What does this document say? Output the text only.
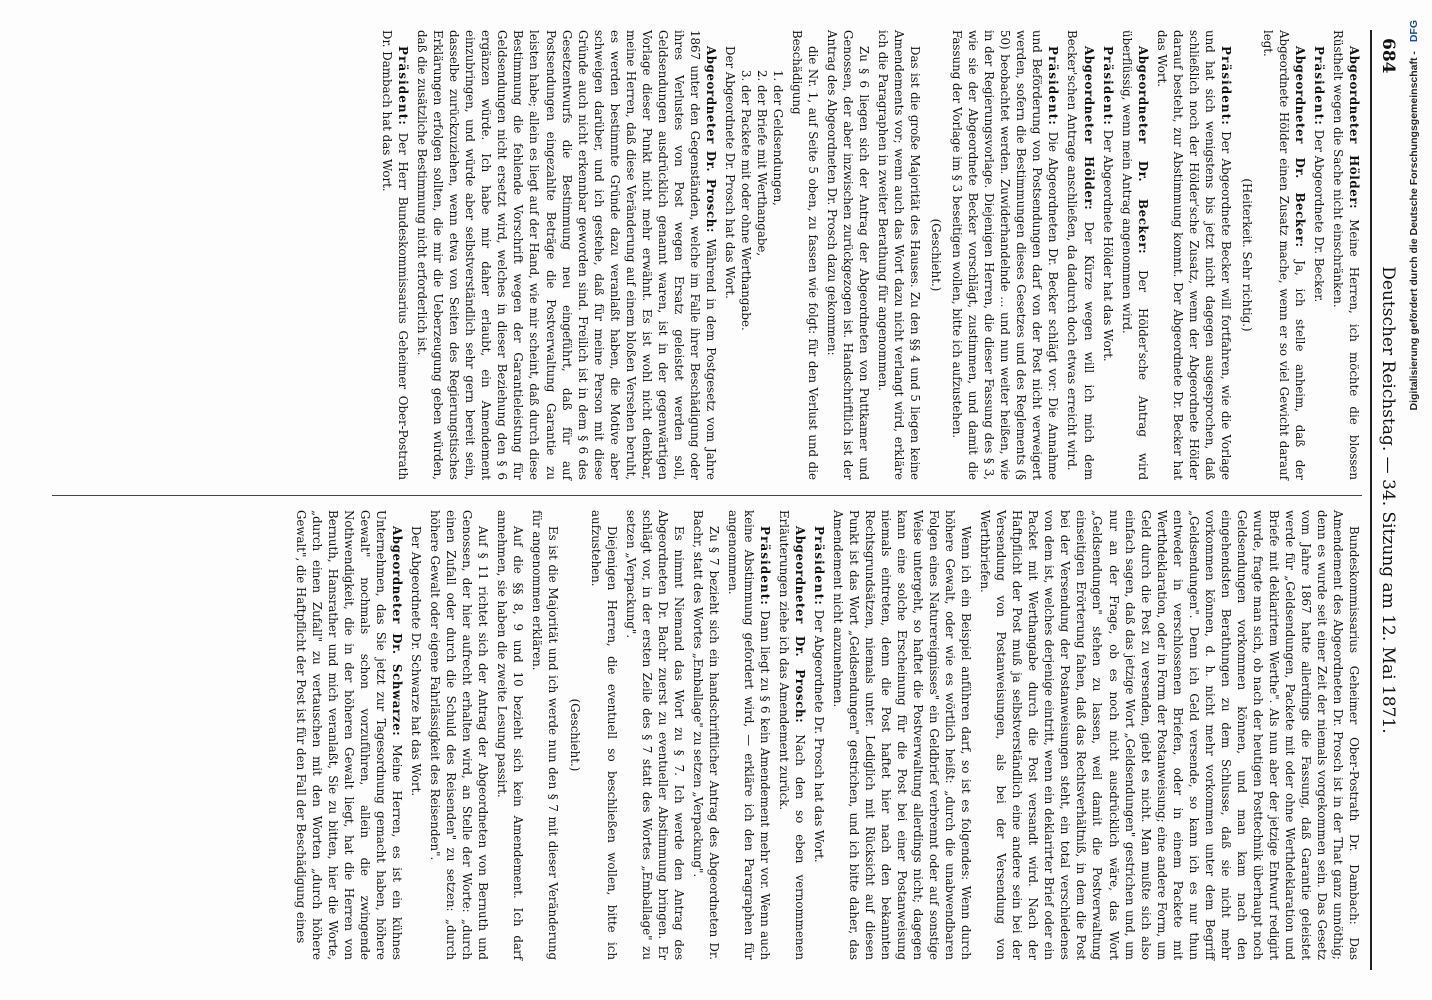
684
Deutscher Reichstag. — 34. Sitzung am 12. Mai 1871.

Abgeordneter Hölder: Meine Herren, ich möchte die blossen Rüsthelt wegen die Sache nicht einschränken.

Präsident: Der Abgeordnete Dr. Becker.

Abgeordneter Dr. Becker: Ja, ich stelle anheim, daß der Abgeordnete Hölder einen Zusatz mache, wenn er so viel Gewicht darauf legt.

(Heiterkeit. Sehr richtig.)

Präsident: Der Abgeordnete Becker will fortfahren, wie die Vorlage und hat sich wenigstens bis jetzt nicht dagegen ausgesprochen, daß schließlich noch der Hölder'sche Zusatz, wenn der Abgeordnete Hölder darauf besteht, zur Abstimmung kommt. Der Abgeordnete Dr. Becker hat das Wort.

Abgeordneter Dr. Becker: Der Hölder'sche Antrag wird überflüssig, wenn mein Antrag angenommen wird.

Präsident: Der Abgeordnete Hölder hat das Wort.

Abgeordneter Hölder: Der Kürze wegen will ich mich dem Becker'schen Antrage anschließen, da dadurch doch etwas erreicht wird.

Präsident: Die Abgeordneten Dr. Becker schlägt vor: Die Annahme und Beförderung von Postsendungen darf von der Post nicht verweigert werden, sofern die Bestimmungen dieses Gesetzes und des Reglements (§ 50) beobachtet werden. Zuwiderhandelnde ... und nun weiter heißen, wie in der Regierungsvorlage. Diejenigen Herren, die dieser Fassung des § 3, wie sie der Abgeordnete Becker vorschlägt, zustimmen, und damit die Fassung der Vorlage im § 3 beseitigen wollen, bitte ich aufzustehen.

(Geschieht.)

Das ist die große Majorität des Hauses. Zu den §§ 4 und 5 liegen keine Amendements vor; wenn auch das Wort dazu nicht verlangt wird, erkläre ich die Paragraphen in zweiter Berathung für angenommen.

Zu § 6 liegen sich der Antrag der Abgeordneten von Puttkamer und Genossen, der aber inzwischen zurückgezogen ist. Handschriftlich ist der Antrag des Abgeordneten Dr. Prosch dazu gekommen:

die Nr. 1, auf Seite 5 oben, zu fassen wie folgt: für den Verlust und die Beschädigung

1. der Geldsendungen,

2. der Briefe mit Werthangabe,

3. der Packete mit oder ohne Werthangabe.

Der Abgeordnete Dr. Prosch hat das Wort.

Abgeordneter Dr. Prosch: Während in dem Postgesetz vom Jahre 1867 unter den Gegenständen, welche im Falle ihrer Beschädigung oder ihres Verlustes von Post wegen Ersatz geleistet werden soll, Geldsendungen ausdrücklich genannt waren, ist in der gegenwärtigen Vorlage dieser Punkt nicht mehr erwähnt. Es ist wohl nicht denkbar, meine Herren, daß diese Veränderung auf einem bloßen Versehen beruht, es werden bestimmte Gründe dazu veranlaßt haben, die Motive aber schweigen darüber, und ich gestehe, daß für meine Person mit diese Gründe auch nicht erkennbar geworden sind. Freilich ist in dem § 6 des Gesetzentwurfs die Bestimmung neu eingeführt, daß für auf Postsendungen eingezahlte Beträge die Postverwaltung Garantie zu leisten habe; allein es liegt auf der Hand, wie mir scheint, daß durch diese Bestimmung die fehlende Vorschrift wegen der Garantieleistung für Geldsendungen nicht ersetzt wird, welches in dieser Beziehung den § 6 ergänzen würde. Ich habe mir daher erlaubt, ein Amendement einzubringen, und würde aber selbstverständlich sehr gern bereit sein, dasselbe zurückzuziehen, wenn etwa von Seiten des Regierungstisches Erklärungen erfolgen sollten, die mir die Ueberzeugung geben würden, daß die zusätzliche Bestimmung nicht erforderlich ist.

Präsident: Der Herr Bundeskommissarius Geheimer Ober-Postrath Dr. Dambach hat das Wort.

Bundeskommissarius Geheimer Ober-Postrath Dr. Dambach: Das Amendement des Abgeordneten Dr. Prosch ist in der That ganz unnöthig; denn es wurde seit einer Zeit der niemals vorgekommen sein. Das Gesetz vom Jahre 1867 hatte allerdings die Fassung, daß Garantie geleistet werde für „Geldsendungen, Packete mit oder ohne Werthdeklaration und Briefe mit deklarirtem Werthe". Als nun aber der jetzige Entwurf redigirt wurde, fragte man sich, ob nach der heutigen Posttechnik überhaupt noch Geldsendungen vorkommen können, und man kam nach den eingehendsten Berathungen zu dem Schlusse, daß sie nicht mehr vorkommen können, d. h. nicht mehr vorkommen unter dem Begriff „Geldsendungen". Denn ich Geld versende, so kann ich es nur thun entweder in verschlossenen Briefen, oder in einem Packete mit Werthdeklaration, oder in Form der Postanweisung; eine andere Form, um Geld durch die Post zu versenden, giebt es nicht. Man mußte sich also einfach sagen, daß das jetzige Wort „Geldsendungen" gestrichen und, um nur an der Frage, ob es noch nicht ausdrücklich wäre, das Wort „Geldsendungen" stehen zu lassen, weil damit die Postverwaltung einseitigen Erörterung fahen, daß das Rechtsverhältniß, in dem die Post bei der Versendung der Postanweisungen steht, ein total verschiedenes von dem ist, welches derjenige eintritt, wenn ein deklarirter Brief oder ein Packet mit Werthangabe durch die Post versandt wird. Nach der Haftpflicht der Post muß ja selbstverständlich eine andere sein bei der Versendung von Postanweisungen, als bei der Versendung von Werthbriefen.

Wenn ich ein Beispiel anführen darf, so ist es folgendes: Wenn durch höhere Gewalt, oder wie es wörtlich heißt: „durch die unabwendbaren Folgen eines Naturereignisses" ein Geldbrief verbrennt oder auf sonstige Weise untergeht, so haftet die Postverwaltung allerdings nicht; dagegen kann eine solche Erscheinung für die Post bei einer Postanweisung niemals eintreten, denn die Post haftet hier nach den bekannten Rechtsgrundsätzen, niemals unter. Lediglich mit Rücksicht auf diesen Punkt ist das Wort „Geldsendungen" gestrichen, und ich bitte daher, das Amendement nicht anzunehmen.

Präsident: Der Abgeordnete Dr. Prosch hat das Wort.

Abgeordneter Dr. Prosch: Nach den so eben vernommenen Erläuterungen ziehe ich das Amendement zurück.

Präsident: Dann liegt zu § 6 kein Amendement mehr vor. Wenn auch keine Abstimmung gefordert wird, — erkläre ich den Paragraphen für angenommen.

Zu § 7 bezieht sich ein handschriftlicher Antrag des Abgeordneten Dr. Bachr, statt des Wortes „Emballage" zu setzen „Verpackung".

Es nimmt Niemand das Wort zu § 7. Ich werde den Antrag des Abgeordneten Dr. Bachr zuerst zu eventueller Abstimmung bringen. Er schlägt vor, in der ersten Zeile des § 7 statt des Wortes „Emballage" zu setzen „Verpackung".

Diejenigen Herren, die eventuell so beschließen wollen, bitte ich aufzustehen.

(Geschieht.)

Es ist die Majorität und ich werde nun den § 7 mit dieser Veränderung für angenommen erklären.

Auf die §§ 8, 9 und 10 bezieht sich kein Amendement. Ich darf annehmen, sie haben die zweite Lesung passirt.

Auf § 11 richtet sich der Antrag der Abgeordneten von Bernuth und Genossen, der hier aufrecht erhalten wird, an Stelle der Worte: „durch einen Zufall oder durch die Schuld des Reisenden" zu setzen: „durch höhere Gewalt oder eigene Fahrlässigkeit des Reisenden".

Der Abgeordnete Dr. Schwarze hat das Wort.

Abgeordneter Dr. Schwarze: Meine Herren, es ist ein kühnes Unternehmen, das Sie jetzt zur Tagesordnung gemacht haben, höhere Gewalt" nochmals schon vorzuführen, allein die zwingende Nothwendigkeit, die in der höheren Gewalt liegt, hat die Herren von Bernuth, Hansrather und mich veranlaßt, Sie zu bitten, hier die Worte, „durch einen Zufall" zu vertauschen mit den Worten „durch höhere Gewalt", die Haftpflicht der Post ist für den Fall der Beschädigung eines

Digitalisierung gefördert durch die Deutsche Forschungsgemeinschaft - DFG
